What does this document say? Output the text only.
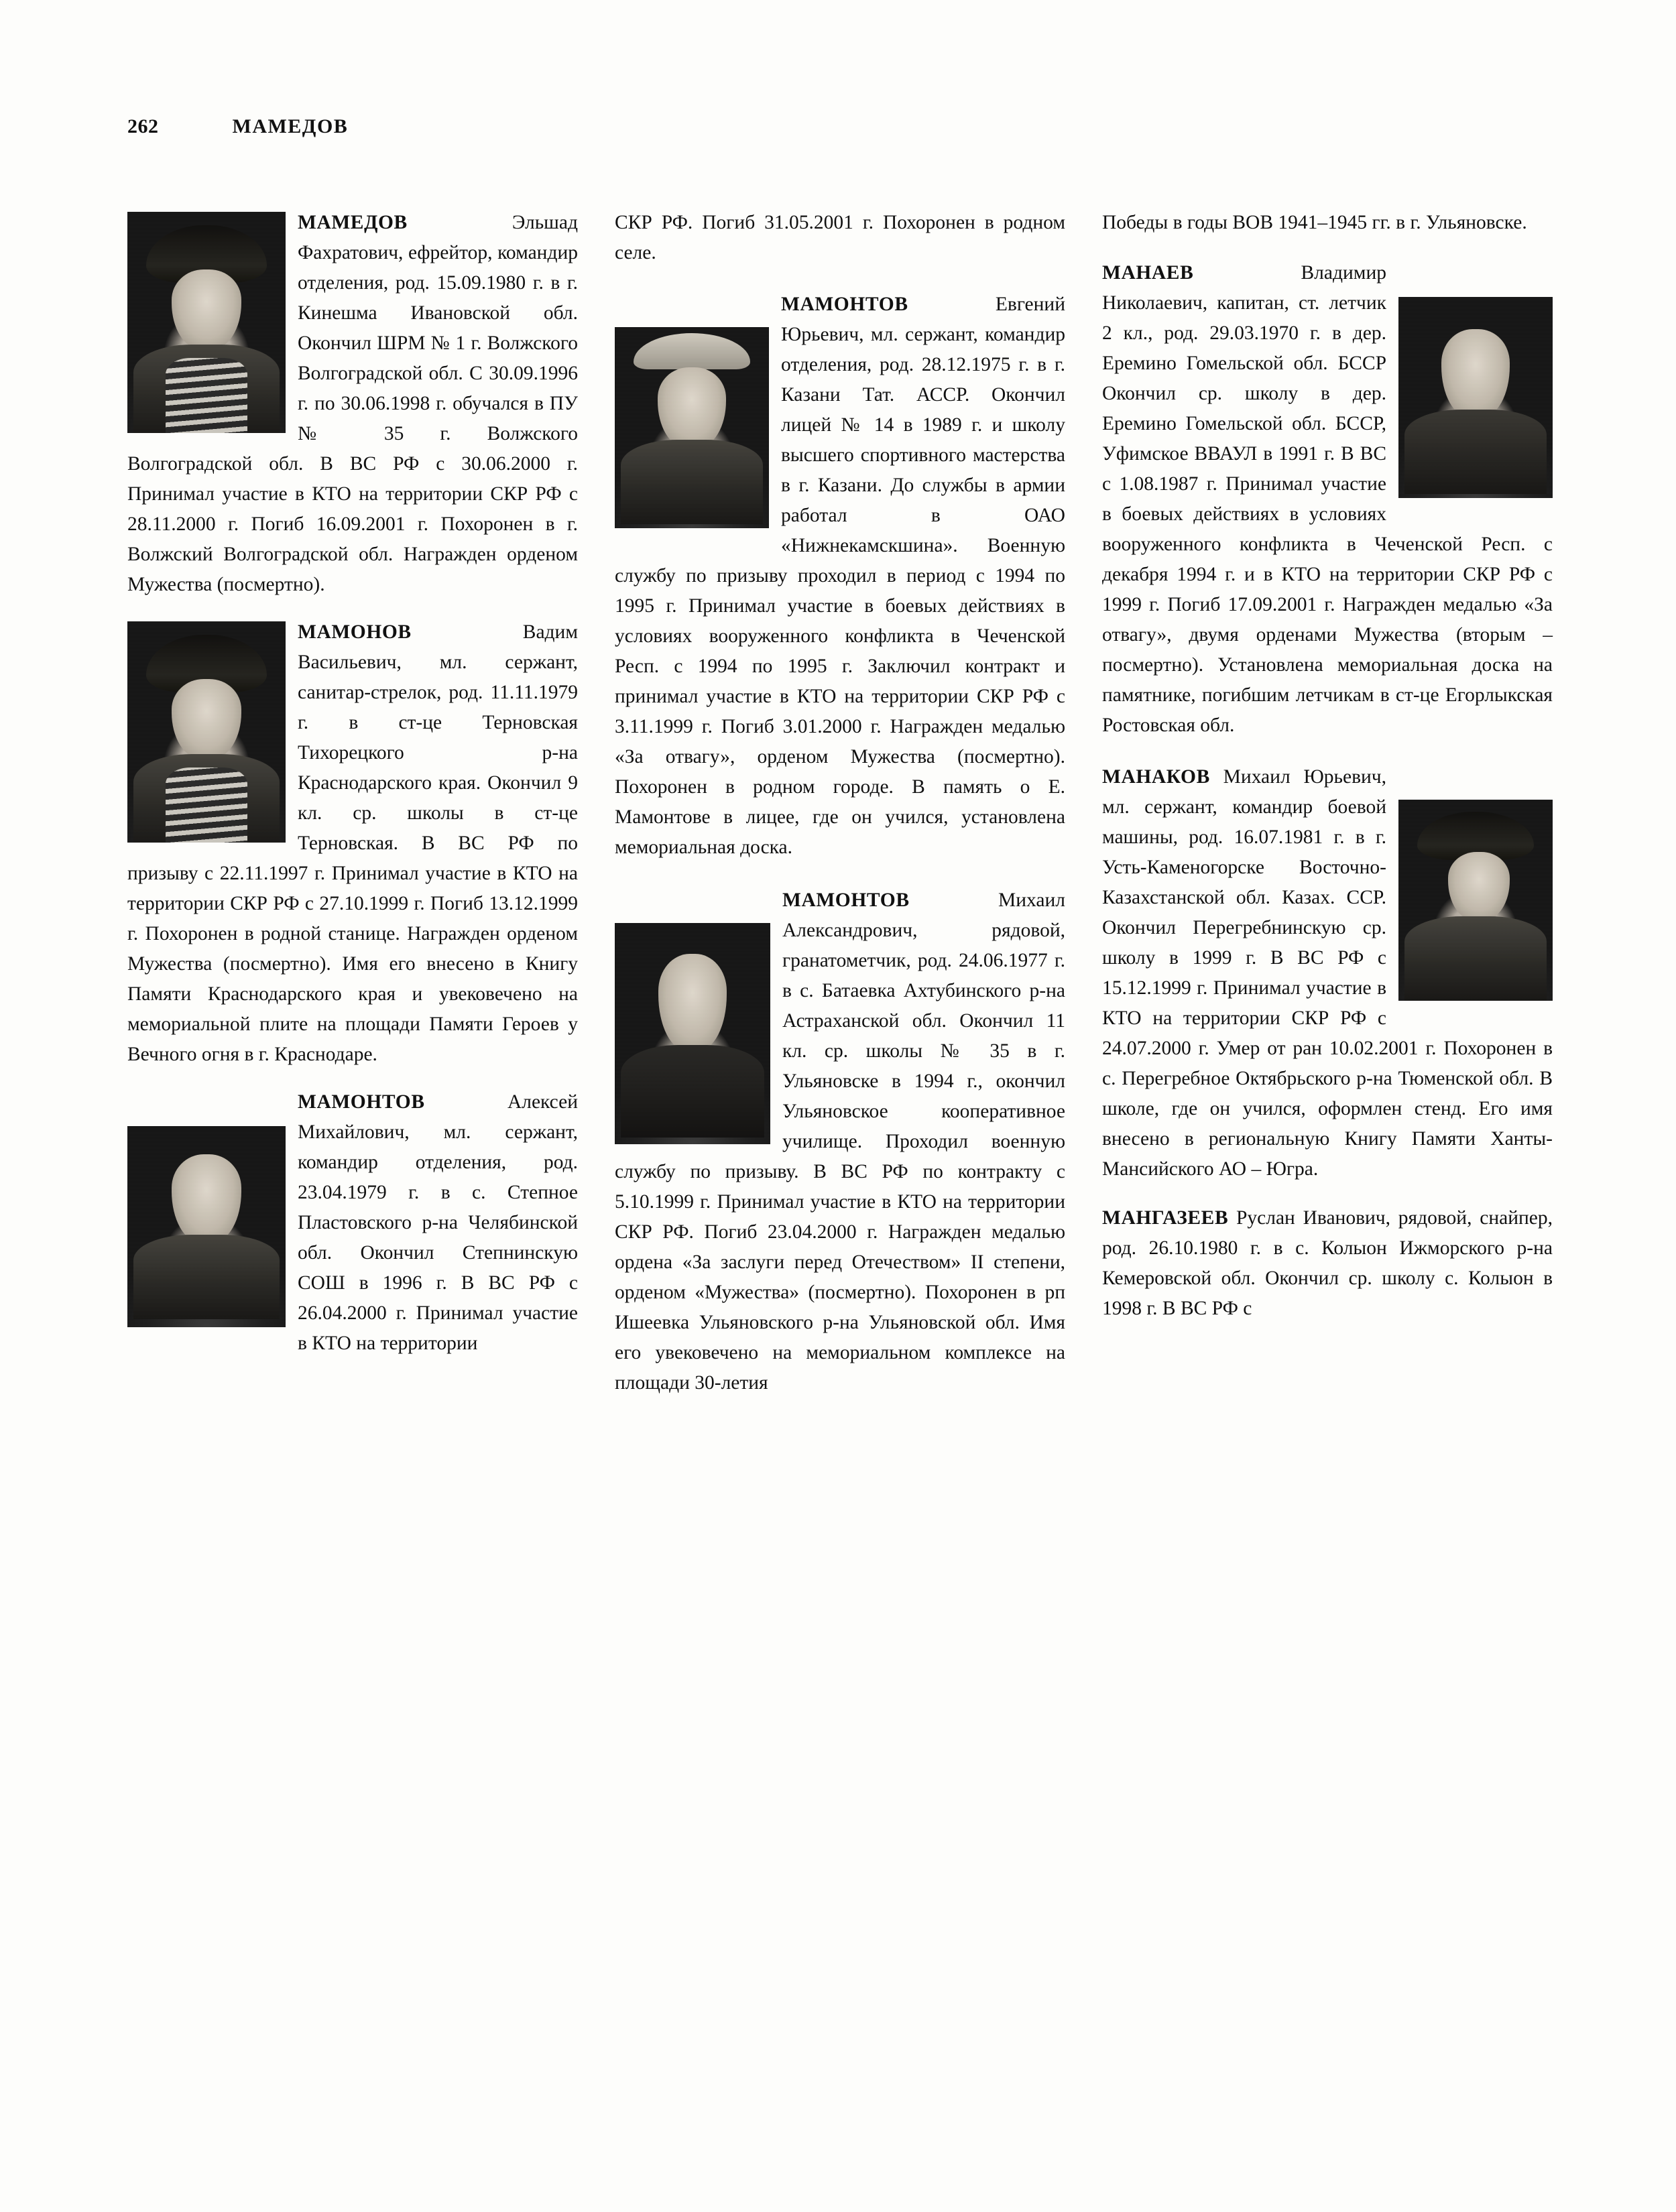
262	МАМЕДОВ

МАМЕДОВ Эльшад Фахратович, ефрейтор, командир отделения, род. 15.09.1980 г. в г. Кинешма Ивановской обл. Окончил ШРМ № 1 г. Волжского Волгоградской обл. С 30.09.1996 г. по 30.06.1998 г. обучался в ПУ № 35 г. Волжского Волгоградской обл. В ВС РФ с 30.06.2000 г. Принимал участие в КТО на территории СКР РФ с 28.11.2000 г. Погиб 16.09.2001 г. Похоронен в г. Волжский Волгоградской обл. Награжден орденом Мужества (посмертно).

МАМОНОВ Вадим Васильевич, мл. сержант, санитар-стрелок, род. 11.11.1979 г. в ст-це Терновская Тихорецкого р-на Краснодарского края. Окончил 9 кл. ср. школы в ст-це Терновская. В ВС РФ по призыву с 22.11.1997 г. Принимал участие в КТО на территории СКР РФ с 27.10.1999 г. Погиб 13.12.1999 г. Похоронен в родной станице. Награжден орденом Мужества (посмертно). Имя его внесено в Книгу Памяти Краснодарского края и увековечено на мемориальной плите на площади Памяти Героев у Вечного огня в г. Краснодаре.

МАМОНТОВ Алексей Михайлович, мл. сержант, командир отделения, род. 23.04.1979 г. в с. Степное Пластовского р-на Челябинской обл. Окончил Степнинскую СОШ в 1996 г. В ВС РФ с 26.04.2000 г. Принимал участие в КТО на территории

СКР РФ. Погиб 31.05.2001 г. Похоронен в родном селе.

МАМОНТОВ Евгений Юрьевич, мл. сержант, командир отделения, род. 28.12.1975 г. в г. Казани Тат. АССР. Окончил лицей № 14 в 1989 г. и школу высшего спортивного мастерства в г. Казани. До службы в армии работал в ОАО «Нижнекамскшина». Военную службу по призыву проходил в период с 1994 по 1995 г. Принимал участие в боевых действиях в условиях вооруженного конфликта в Чеченской Респ. с 1994 по 1995 г. Заключил контракт и принимал участие в КТО на территории СКР РФ с 3.11.1999 г. Погиб 3.01.2000 г. Награжден медалью «За отвагу», орденом Мужества (посмертно). Похоронен в родном городе. В память о Е. Мамонтове в лицее, где он учился, установлена мемориальная доска.

МАМОНТОВ Михаил Александрович, рядовой, гранатометчик, род. 24.06.1977 г. в с. Батаевка Ахтубинского р-на Астраханской обл. Окончил 11 кл. ср. школы № 35 в г. Ульяновске в 1994 г., окончил Ульяновское кооперативное училище. Проходил военную службу по призыву. В ВС РФ по контракту с 5.10.1999 г. Принимал участие в КТО на территории СКР РФ. Погиб 23.04.2000 г. Награжден медалью ордена «За заслуги перед Отечеством» II степени, орденом «Мужества» (посмертно). Похоронен в рп Ишеевка Ульяновского р-на Ульяновской обл. Имя его увековечено на мемориальном комплексе на площади 30-летия

Победы в годы ВОВ 1941–1945 гг. в г. Ульяновске.

МАНАЕВ Владимир Николаевич, капитан, ст. летчик 2 кл., род. 29.03.1970 г. в дер. Еремино Гомельской обл. БССР Окончил ср. школу в дер. Еремино Гомельской обл. БССР, Уфимское ВВАУЛ в 1991 г. В ВС с 1.08.1987 г. Принимал участие в боевых действиях в условиях вооруженного конфликта в Чеченской Респ. с декабря 1994 г. и в КТО на территории СКР РФ с 1999 г. Погиб 17.09.2001 г. Награжден медалью «За отвагу», двумя орденами Мужества (вторым – посмертно). Установлена мемориальная доска на памятнике, погибшим летчикам в ст-це Егорлыкская Ростовская обл.

МАНАКОВ Михаил Юрьевич, мл. сержант, командир боевой машины, род. 16.07.1981 г. в г. Усть-Каменогорске Восточно-Казахстанской обл. Казах. ССР. Окончил Перегребнинскую ср. школу в 1999 г. В ВС РФ с 15.12.1999 г. Принимал участие в КТО на территории СКР РФ с 24.07.2000 г. Умер от ран 10.02.2001 г. Похоронен в с. Перегребное Октябрьского р-на Тюменской обл. В школе, где он учился, оформлен стенд. Его имя внесено в региональную Книгу Памяти Ханты-Мансийского АО – Югра.

МАНГАЗЕЕВ Руслан Иванович, рядовой, снайпер, род. 26.10.1980 г. в с. Колыон Ижморского р-на Кемеровской обл. Окончил ср. школу с. Колыон в 1998 г. В ВС РФ с
